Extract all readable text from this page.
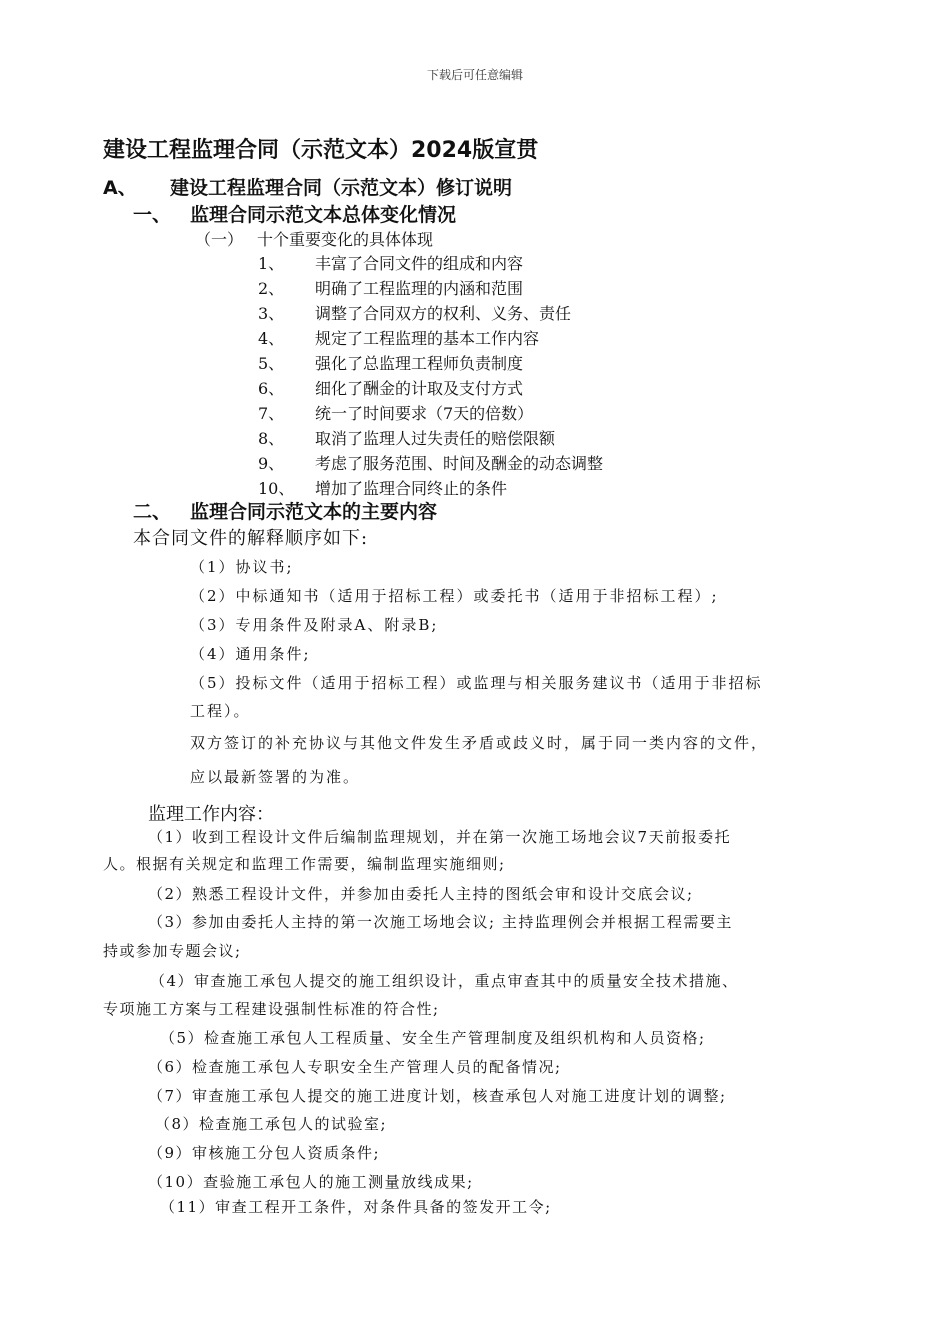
下载后可任意编辑
建设工程监理合同（示范文本）2024版宣贯
A、 建设工程监理合同（示范文本）修订说明
一、 监理合同示范文本总体变化情况
（一） 十个重要变化的具体体现
1、 丰富了合同文件的组成和内容
2、 明确了工程监理的内涵和范围
3、 调整了合同双方的权利、义务、责任
4、 规定了工程监理的基本工作内容
5、 强化了总监理工程师负责制度
6、 细化了酬金的计取及支付方式
7、 统一了时间要求（7天的倍数）
8、 取消了监理人过失责任的赔偿限额
9、 考虑了服务范围、时间及酬金的动态调整
10、 增加了监理合同终止的条件
二、 监理合同示范文本的主要内容
本合同文件的解释顺序如下:
（1）协议书;
（2）中标通知书（适用于招标工程）或委托书（适用于非招标工程）;
（3）专用条件及附录A、附录B;
（4）通用条件;
（5）投标文件（适用于招标工程）或监理与相关服务建议书（适用于非招标
工程）。
双方签订的补充协议与其他文件发生矛盾或歧义时，属于同一类内容的文件，
应以最新签署的为准。
监理工作内容：
（1）收到工程设计文件后编制监理规划，并在第一次施工场地会议7天前报委托
人。根据有关规定和监理工作需要，编制监理实施细则;
（2）熟悉工程设计文件，并参加由委托人主持的图纸会审和设计交底会议;
（3）参加由委托人主持的第一次施工场地会议; 主持监理例会并根据工程需要主
持或参加专题会议;
（4）审查施工承包人提交的施工组织设计，重点审查其中的质量安全技术措施、
专项施工方案与工程建设强制性标准的符合性;
（5）检查施工承包人工程质量、安全生产管理制度及组织机构和人员资格;
（6）检查施工承包人专职安全生产管理人员的配备情况;
（7）审查施工承包人提交的施工进度计划，核查承包人对施工进度计划的调整;
（8）检查施工承包人的试验室;
（9）审核施工分包人资质条件;
（10）查验施工承包人的施工测量放线成果;
（11）审查工程开工条件，对条件具备的签发开工令;
